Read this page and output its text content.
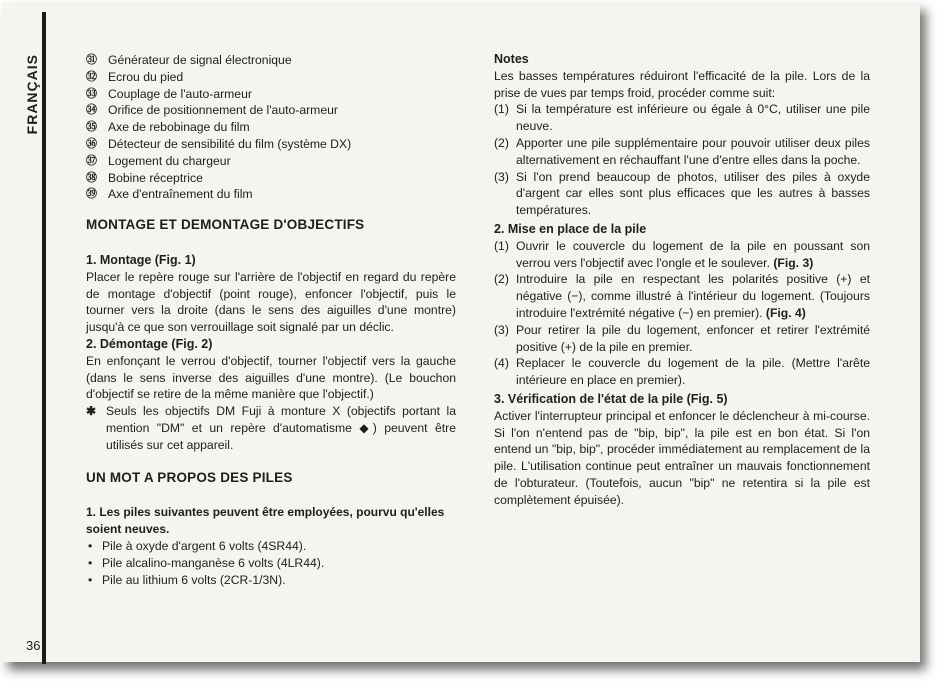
FRANÇAIS
36
㉛ Générateur de signal électronique
㉜ Ecrou du pied
㉝ Couplage de l'auto-armeur
㉞ Orifice de positionnement de l'auto-armeur
㉟ Axe de rebobinage du film
㊱ Détecteur de sensibilité du film (système DX)
㊲ Logement du chargeur
㊳ Bobine réceptrice
㊴ Axe d'entraînement du film
MONTAGE ET DEMONTAGE D'OBJECTIFS
1. Montage (Fig. 1)

Placer le repère rouge sur l'arrière de l'objectif en regard du repère de montage d'objectif (point rouge), enfoncer l'objectif, puis le tourner vers la droite (dans le sens des aiguilles d'une montre) jusqu'à ce que son verrouillage soit signalé par un déclic.

2. Démontage (Fig. 2)

En enfonçant le verrou d'objectif, tourner l'objectif vers la gauche (dans le sens inverse des aiguilles d'une montre). (Le bouchon d'objectif se retire de la même manière que l'objectif.)

✱ Seuls les objectifs DM Fuji à monture X (objectifs portant la mention "DM" et un repère d'automatisme ◆) peuvent être utilisés sur cet appareil.

UN MOT A PROPOS DES PILES
1. Les piles suivantes peuvent être employées, pourvu qu'elles soient neuves.
• Pile à oxyde d'argent 6 volts (4SR44).
• Pile alcalino-manganèse 6 volts (4LR44).
• Pile au lithium 6 volts (2CR-1/3N).
Notes

Les basses températures réduiront l'efficacité de la pile. Lors de la prise de vues par temps froid, procéder comme suit:

(1) Si la température est inférieure ou égale à 0°C, utiliser une pile neuve.
(2) Apporter une pile supplémentaire pour pouvoir utiliser deux piles alternativement en réchauffant l'une d'entre elles dans la poche.
(3) Si l'on prend beaucoup de photos, utiliser des piles à oxyde d'argent car elles sont plus efficaces que les autres à basses températures.
2. Mise en place de la pile
(1) Ouvrir le couvercle du logement de la pile en poussant son verrou vers l'objectif avec l'ongle et le soulever. (Fig. 3)
(2) Introduire la pile en respectant les polarités positive (+) et négative (−), comme illustré à l'intérieur du logement. (Toujours introduire l'extrémité négative (−) en premier). (Fig. 4)
(3) Pour retirer la pile du logement, enfoncer et retirer l'extrémité positive (+) de la pile en premier.
(4) Replacer le couvercle du logement de la pile. (Mettre l'arête intérieure en place en premier).
3. Vérification de l'état de la pile (Fig. 5)

Activer l'interrupteur principal et enfoncer le déclencheur à mi-course. Si l'on n'entend pas de "bip, bip", la pile est en bon état. Si l'on entend un "bip, bip", procéder immédiatement au remplacement de la pile. L'utilisation continue peut entraîner un mauvais fonctionnement de l'obturateur. (Toutefois, aucun "bip" ne retentira si la pile est complètement épuisée).
